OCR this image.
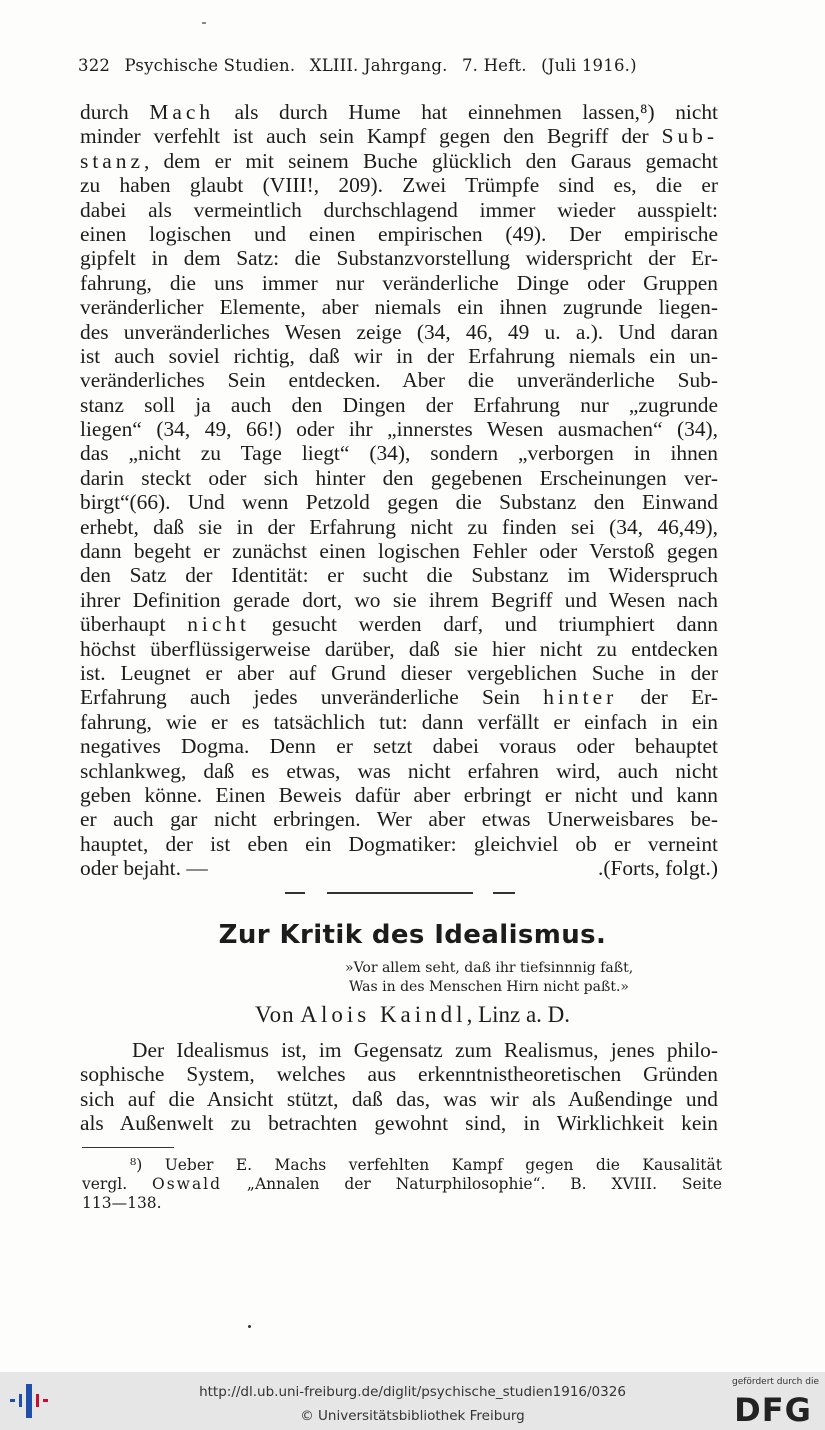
322 Psychische Studien. XLIII. Jahrgang. 7. Heft. (Juli 1916.)
durch Mach als durch Hume hat einnehmen lassen,⁸) nicht
minder verfehlt ist auch sein Kampf gegen den Begriff der Sub-
stanz, dem er mit seinem Buche glücklich den Garaus gemacht
zu haben glaubt (VIII!, 209). Zwei Trümpfe sind es, die er
dabei als vermeintlich durchschlagend immer wieder ausspielt:
einen logischen und einen empirischen (49). Der empirische
gipfelt in dem Satz: die Substanzvorstellung widerspricht der Er-
fahrung, die uns immer nur veränderliche Dinge oder Gruppen
veränderlicher Elemente, aber niemals ein ihnen zugrunde liegen-
des unveränderliches Wesen zeige (34, 46, 49 u. a.). Und daran
ist auch soviel richtig, daß wir in der Erfahrung niemals ein un-
veränderliches Sein entdecken. Aber die unveränderliche Sub-
stanz soll ja auch den Dingen der Erfahrung nur „zugrunde
liegen“ (34, 49, 66!) oder ihr „innerstes Wesen ausmachen“ (34),
das „nicht zu Tage liegt“ (34), sondern „verborgen in ihnen
darin steckt oder sich hinter den gegebenen Erscheinungen ver-
birgt“(66). Und wenn Petzold gegen die Substanz den Einwand
erhebt, daß sie in der Erfahrung nicht zu finden sei (34, 46,49),
dann begeht er zunächst einen logischen Fehler oder Verstoß gegen
den Satz der Identität: er sucht die Substanz im Widerspruch
ihrer Definition gerade dort, wo sie ihrem Begriff und Wesen nach
überhaupt nicht gesucht werden darf, und triumphiert dann
höchst überflüssigerweise darüber, daß sie hier nicht zu entdecken
ist. Leugnet er aber auf Grund dieser vergeblichen Suche in der
Erfahrung auch jedes unveränderliche Sein hinter der Er-
fahrung, wie er es tatsächlich tut: dann verfällt er einfach in ein
negatives Dogma. Denn er setzt dabei voraus oder behauptet
schlankweg, daß es etwas, was nicht erfahren wird, auch nicht
geben könne. Einen Beweis dafür aber erbringt er nicht und kann
er auch gar nicht erbringen. Wer aber etwas Unerweisbares be-
hauptet, der ist eben ein Dogmatiker: gleichviel ob er verneint
oder bejaht. —	.(Forts, folgt.)
Zur Kritik des Idealismus.
»Vor allem seht, daß ihr tiefsinnnig faßt,
Was in des Menschen Hirn nicht paßt.»
Von Alois Kaindl, Linz a. D.
Der Idealismus ist, im Gegensatz zum Realismus, jenes philo-
sophische System, welches aus erkenntnistheoretischen Gründen
sich auf die Ansicht stützt, daß das, was wir als Außendinge und
als Außenwelt zu betrachten gewohnt sind, in Wirklichkeit kein
⁸) Ueber E. Machs verfehlten Kampf gegen die Kausalität
vergl. Oswald „Annalen der Naturphilosophie“. B. XVIII. Seite
113—138.
http://dl.ub.uni-freiburg.de/diglit/psychische_studien1916/0326
© Universitätsbibliothek Freiburg
gefördert durch die
DFG
